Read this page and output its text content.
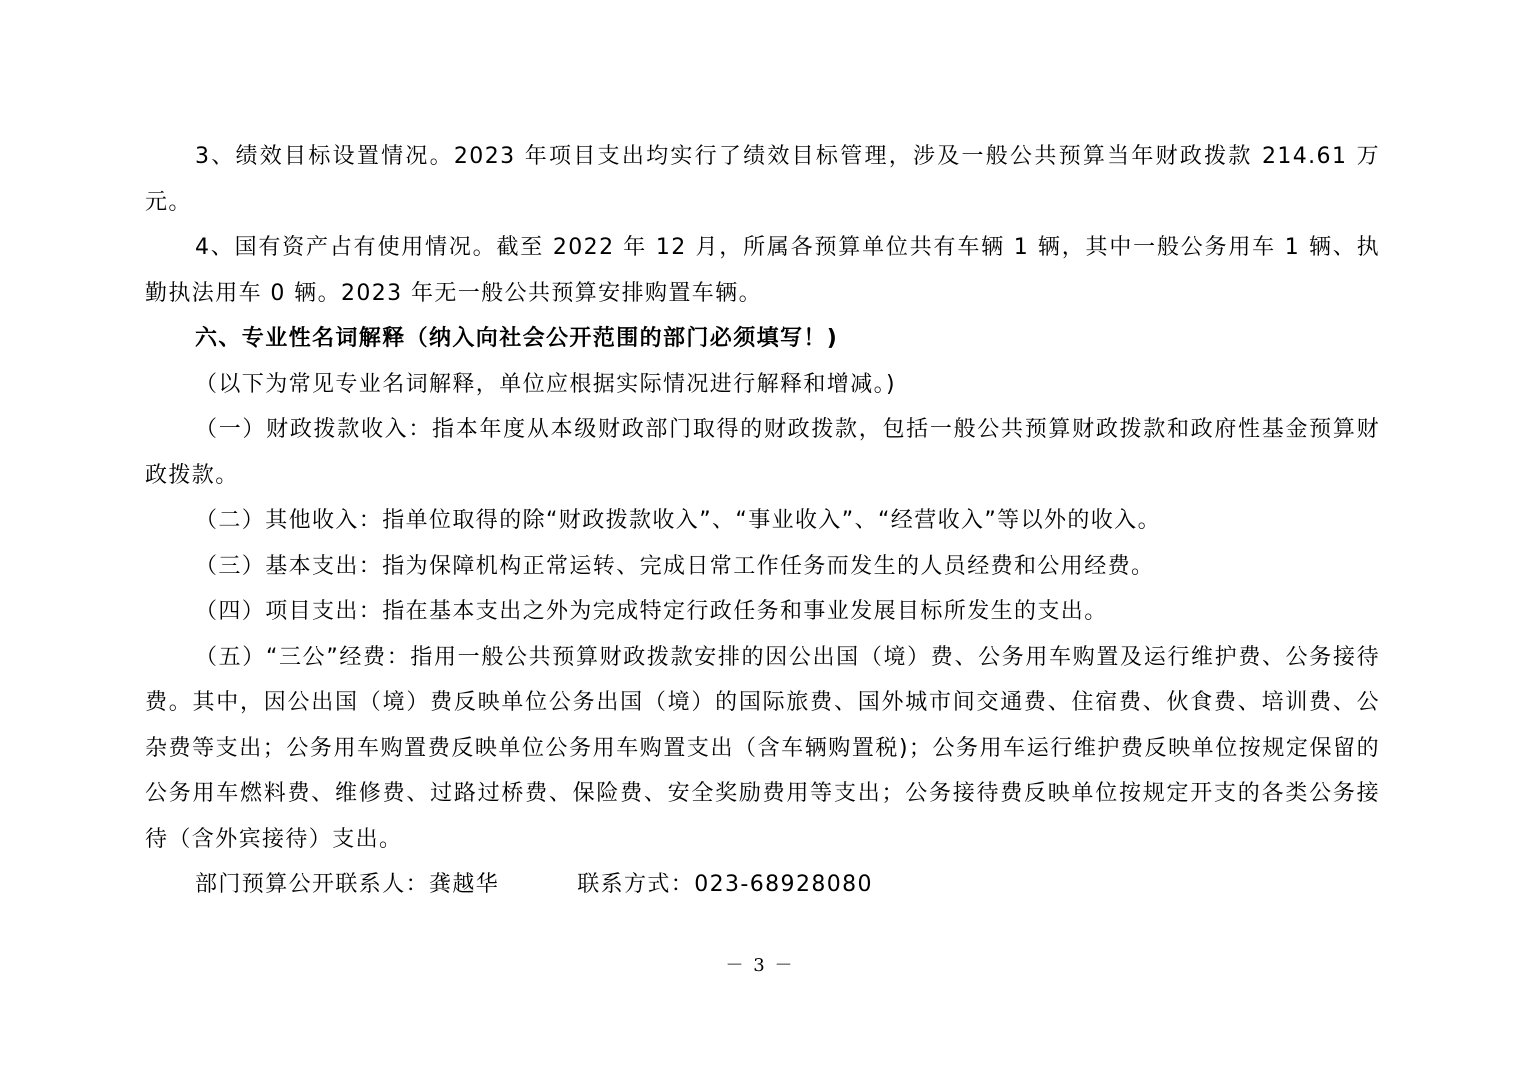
3、绩效目标设置情况。2023 年项目支出均实行了绩效目标管理，涉及一般公共预算当年财政拨款 214.61 万元。

4、国有资产占有使用情况。截至 2022 年 12 月，所属各预算单位共有车辆 1 辆，其中一般公务用车 1 辆、执勤执法用车 0 辆。2023 年无一般公共预算安排购置车辆。

六、专业性名词解释（纳入向社会公开范围的部门必须填写！)

（以下为常见专业名词解释，单位应根据实际情况进行解释和增减。)

（一）财政拨款收入：指本年度从本级财政部门取得的财政拨款，包括一般公共预算财政拨款和政府性基金预算财政拨款。

（二）其他收入：指单位取得的除“财政拨款收入”、“事业收入”、“经营收入”等以外的收入。

（三）基本支出：指为保障机构正常运转、完成日常工作任务而发生的人员经费和公用经费。

（四）项目支出：指在基本支出之外为完成特定行政任务和事业发展目标所发生的支出。

（五）“三公”经费：指用一般公共预算财政拨款安排的因公出国（境）费、公务用车购置及运行维护费、公务接待费。其中，因公出国（境）费反映单位公务出国（境）的国际旅费、国外城市间交通费、住宿费、伙食费、培训费、公杂费等支出；公务用车购置费反映单位公务用车购置支出（含车辆购置税)；公务用车运行维护费反映单位按规定保留的公务用车燃料费、维修费、过路过桥费、保险费、安全奖励费用等支出；公务接待费反映单位按规定开支的各类公务接待（含外宾接待）支出。

部门预算公开联系人：龚越华	联系方式：023-68928080

－ 3 －
